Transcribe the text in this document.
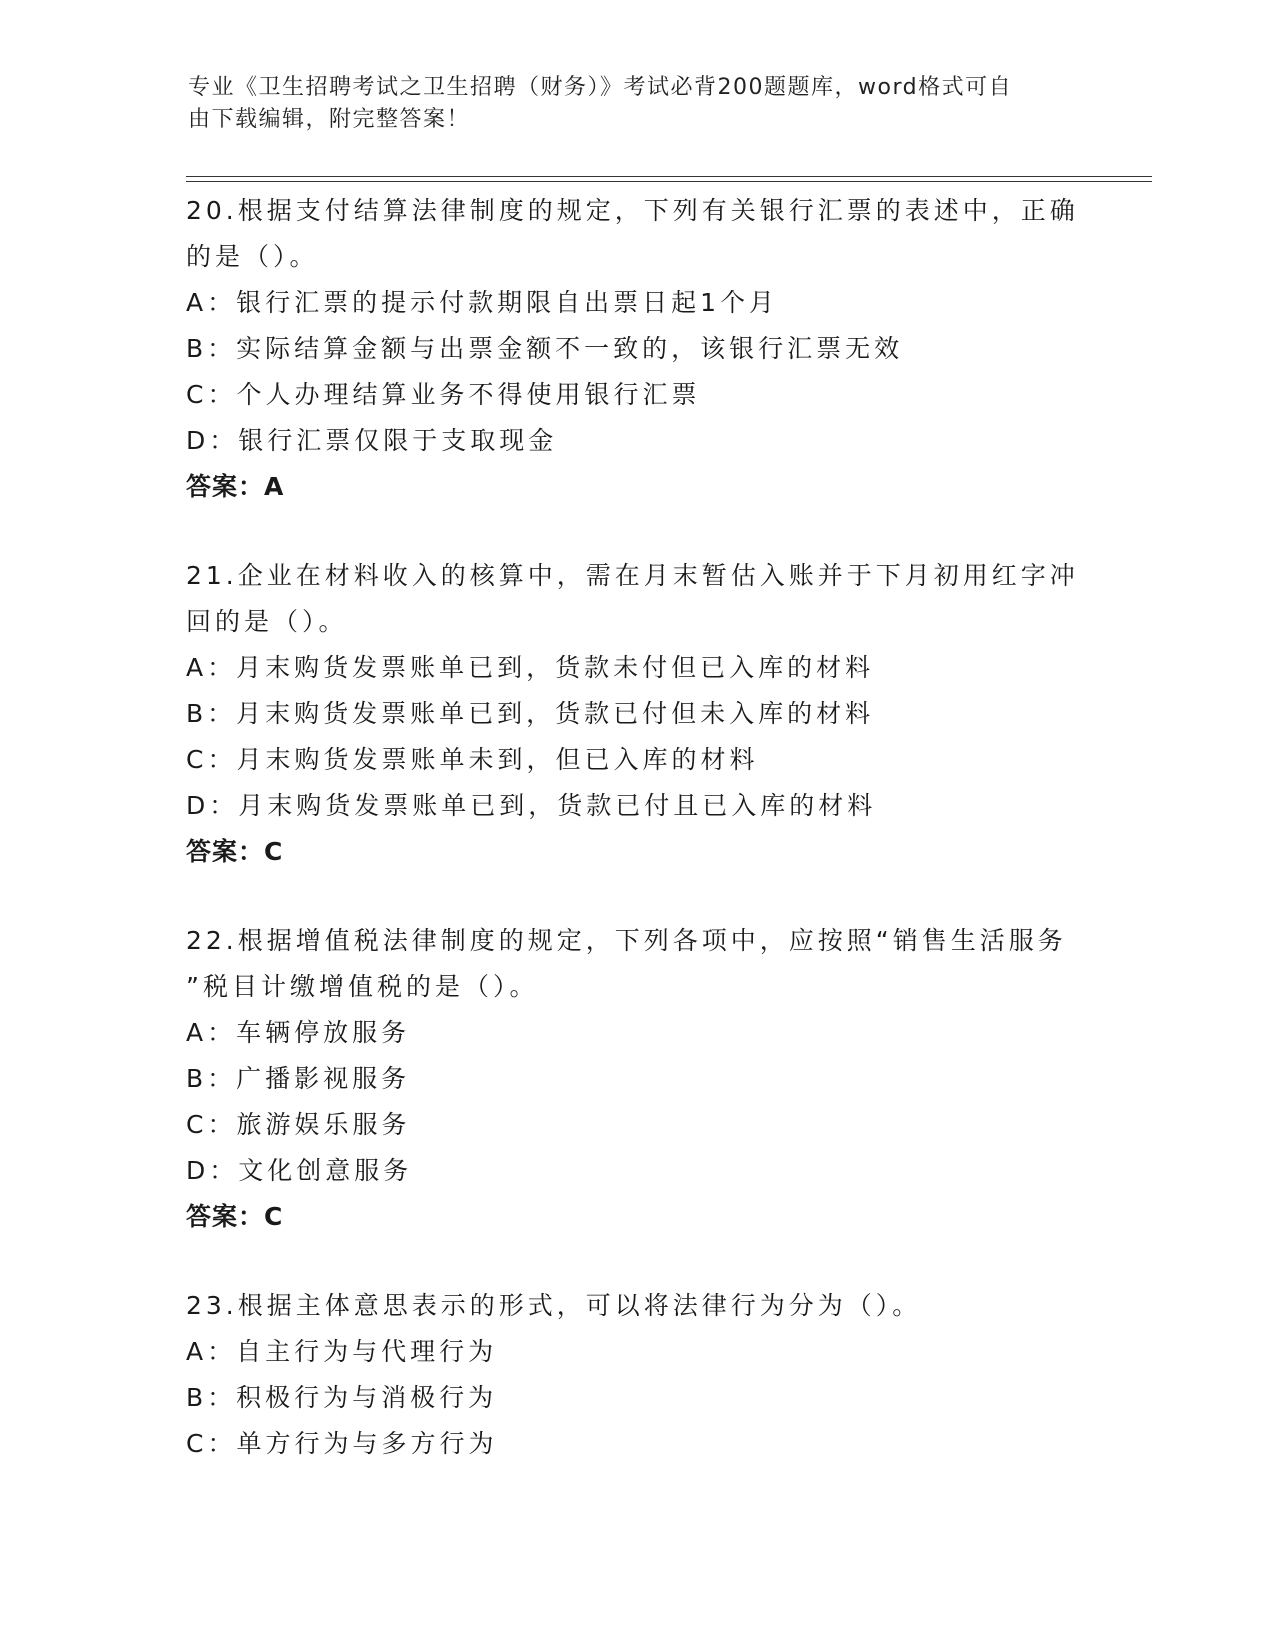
专业《卫生招聘考试之卫生招聘（财务）》考试必背200题题库，word格式可自
由下载编辑，附完整答案！

20.根据支付结算法律制度的规定，下列有关银行汇票的表述中，正确

的是（）。

A：银行汇票的提示付款期限自出票日起1个月

B：实际结算金额与出票金额不一致的，该银行汇票无效

C：个人办理结算业务不得使用银行汇票

D：银行汇票仅限于支取现金

答案：A

21.企业在材料收入的核算中，需在月末暂估入账并于下月初用红字冲

回的是（）。

A：月末购货发票账单已到，货款未付但已入库的材料

B：月末购货发票账单已到，货款已付但未入库的材料

C：月末购货发票账单未到，但已入库的材料

D：月末购货发票账单已到，货款已付且已入库的材料

答案：C

22.根据增值税法律制度的规定，下列各项中，应按照“销售生活服务

”税目计缴增值税的是（）。

A：车辆停放服务

B：广播影视服务

C：旅游娱乐服务

D：文化创意服务

答案：C

23.根据主体意思表示的形式，可以将法律行为分为（）。

A：自主行为与代理行为

B：积极行为与消极行为

C：单方行为与多方行为
